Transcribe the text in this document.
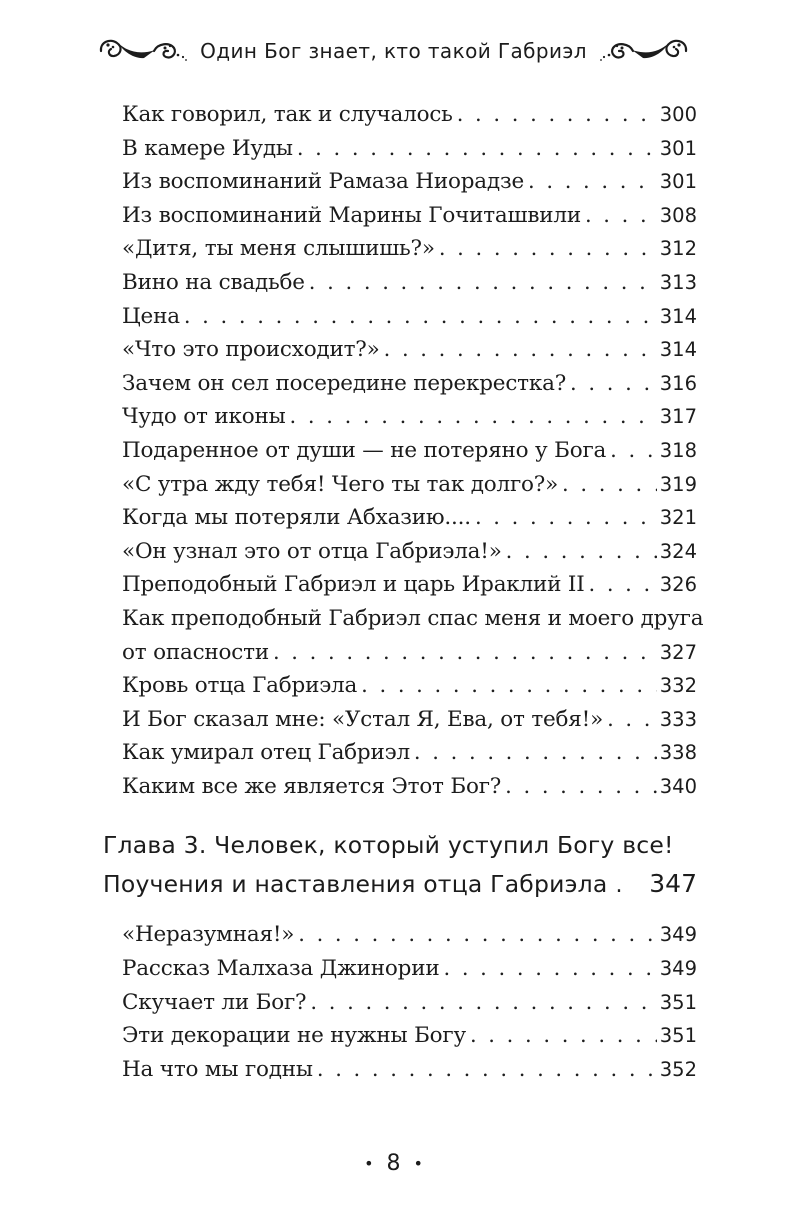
Один Бог знает, кто такой Габриэл
Как говорил, так и случалось . . .	300
В камере Иуды . . .	301
Из воспоминаний Рамаза Ниорадзе . . .	301
Из воспоминаний Марины Гочиташвили . . .	308
«Дитя, ты меня слышишь?» . . .	312
Вино на свадьбе . . .	313
Цена . . .	314
«Что это происходит?» . . .	314
Зачем он сел посередине перекрестка? . . .	316
Чудо от иконы . . .	317
Подаренное от души — не потеряно у Бога . . .	318
«С утра жду тебя! Чего ты так долго?» . . .	319
Когда мы потеряли Абхазию.... . . .	321
«Он узнал это от отца Габриэла!» . . .	324
Преподобный Габриэл и царь Ираклий II . . .	326
Как преподобный Габриэл спас меня и моего друга
от опасности . . .	327
Кровь отца Габриэла . . .	332
И Бог сказал мне: «Устал Я, Ева, от тебя!» . . .	333
Как умирал отец Габриэл . . .	338
Каким все же является Этот Бог? . . .	340
Глава 3. Человек, который уступил Богу все!
Поучения и наставления отца Габриэла . . . 347
«Неразумная!» . . .	349
Рассказ Малхаза Джинории . . .	349
Скучает ли Бог? . . .	351
Эти декорации не нужны Богу . . .	351
На что мы годны . . .	352
• 8 •
